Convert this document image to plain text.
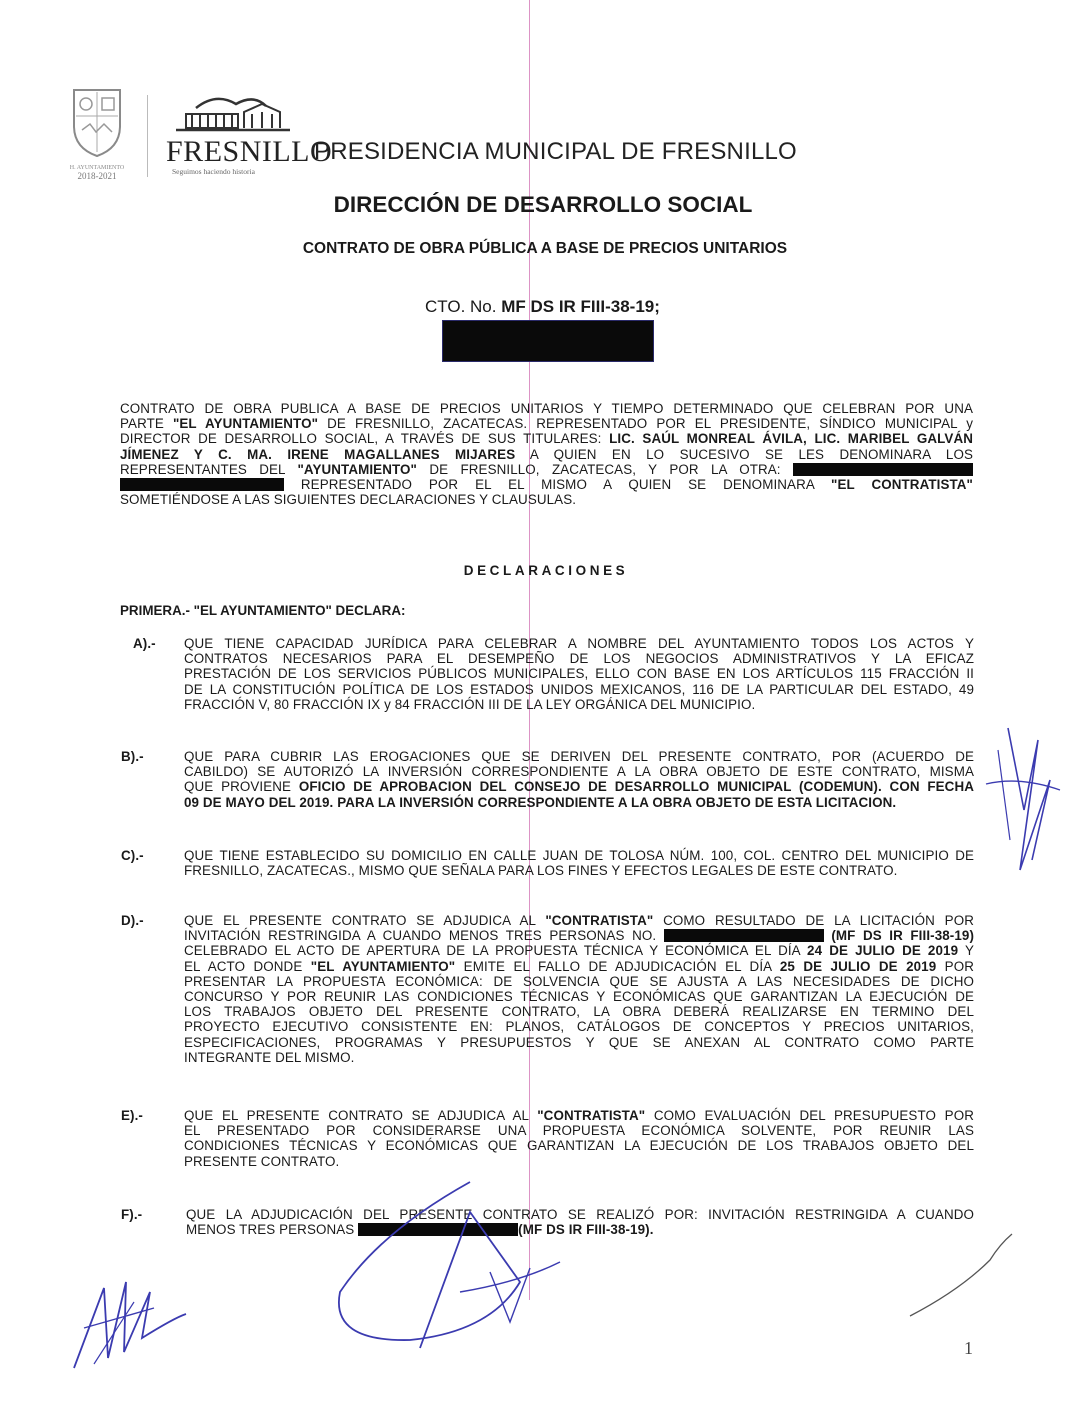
H. AYUNTAMIENTO
2018-2021
FRESNILLO
Seguimos haciendo historia
PRESIDENCIA MUNICIPAL DE FRESNILLO
DIRECCIÓN DE DESARROLLO SOCIAL
CONTRATO DE OBRA PÚBLICA A BASE DE PRECIOS UNITARIOS
CTO. No. MF DS IR FIII-38-19;
CONTRATO DE OBRA PUBLICA A BASE DE PRECIOS UNITARIOS Y TIEMPO DETERMINADO QUE CELEBRAN POR UNA
PARTE "EL AYUNTAMIENTO" DE FRESNILLO, ZACATECAS. REPRESENTADO POR EL PRESIDENTE, SÍNDICO MUNICIPAL y
DIRECTOR DE DESARROLLO SOCIAL, A TRAVÉS DE SUS TITULARES: LIC. SAÚL MONREAL ÁVILA, LIC. MARIBEL GALVÁN
JÍMENEZ Y C. MA. IRENE MAGALLANES MIJARES A QUIEN EN LO SUCESIVO SE LES DENOMINARA LOS
REPRESENTANTES DEL "AYUNTAMIENTO" DE FRESNILLO, ZACATECAS, Y POR LA OTRA:
REPRESENTADO POR EL EL MISMO A QUIEN SE DENOMINARA "EL CONTRATISTA"
SOMETIÉNDOSE A LAS SIGUIENTES DECLARACIONES Y CLAUSULAS.
DECLARACIONES
PRIMERA.- "EL AYUNTAMIENTO" DECLARA:
A).- QUE TIENE CAPACIDAD JURÍDICA PARA CELEBRAR A NOMBRE DEL AYUNTAMIENTO TODOS LOS ACTOS Y
CONTRATOS NECESARIOS PARA EL DESEMPEÑO DE LOS NEGOCIOS ADMINISTRATIVOS Y LA EFICAZ
PRESTACIÓN DE LOS SERVICIOS PÚBLICOS MUNICIPALES, ELLO CON BASE EN LOS ARTÍCULOS 115 FRACCIÓN II
DE LA CONSTITUCIÓN POLÍTICA DE LOS ESTADOS UNIDOS MEXICANOS, 116 DE LA PARTICULAR DEL ESTADO, 49
FRACCIÓN V, 80 FRACCIÓN IX y 84 FRACCIÓN III DE LA LEY ORGÁNICA DEL MUNICIPIO.
B).-	QUE PARA CUBRIR LAS EROGACIONES QUE SE DERIVEN DEL PRESENTE CONTRATO, POR (ACUERDO DE
CABILDO) SE AUTORIZÓ LA INVERSIÓN CORRESPONDIENTE A LA OBRA OBJETO DE ESTE CONTRATO, MISMA
QUE PROVIENE OFICIO DE APROBACION DEL CONSEJO DE DESARROLLO MUNICIPAL (CODEMUN). CON FECHA
09 DE MAYO DEL 2019. PARA LA INVERSIÓN CORRESPONDIENTE A LA OBRA OBJETO DE ESTA LICITACION.
C).-	QUE TIENE ESTABLECIDO SU DOMICILIO EN CALLE JUAN DE TOLOSA NÚM. 100, COL. CENTRO DEL MUNICIPIO DE
FRESNILLO, ZACATECAS., MISMO QUE SEÑALA PARA LOS FINES Y EFECTOS LEGALES DE ESTE CONTRATO.
D).-	QUE EL PRESENTE CONTRATO SE ADJUDICA AL "CONTRATISTA" COMO RESULTADO DE LA LICITACIÓN POR
INVITACIÓN RESTRINGIDA A CUANDO MENOS TRES PERSONAS NO.	(MF DS IR FIII-38-19)
CELEBRADO EL ACTO DE APERTURA DE LA PROPUESTA TÉCNICA Y ECONÓMICA EL DÍA 24 DE JULIO DE 2019 Y
EL ACTO DONDE "EL AYUNTAMIENTO" EMITE EL FALLO DE ADJUDICACIÓN EL DÍA 25 DE JULIO DE 2019 POR
PRESENTAR LA PROPUESTA ECONÓMICA: DE SOLVENCIA QUE SE AJUSTA A LAS NECESIDADES DE DICHO
CONCURSO Y POR REUNIR LAS CONDICIONES TÉCNICAS Y ECONÓMICAS QUE GARANTIZAN LA EJECUCIÓN DE
LOS TRABAJOS OBJETO DEL PRESENTE CONTRATO, LA OBRA DEBERÁ REALIZARSE EN TERMINO DEL
PROYECTO EJECUTIVO CONSISTENTE EN: PLANOS, CATÁLOGOS DE CONCEPTOS Y PRECIOS UNITARIOS,
ESPECIFICACIONES, PROGRAMAS Y PRESUPUESTOS Y QUE SE ANEXAN AL CONTRATO COMO PARTE
INTEGRANTE DEL MISMO.
E).-	QUE EL PRESENTE CONTRATO SE ADJUDICA AL "CONTRATISTA" COMO EVALUACIÓN DEL PRESUPUESTO POR
EL PRESENTADO POR CONSIDERARSE UNA PROPUESTA ECONÓMICA SOLVENTE, POR REUNIR LAS
CONDICIONES TÉCNICAS Y ECONÓMICAS QUE GARANTIZAN LA EJECUCIÓN DE LOS TRABAJOS OBJETO DEL
PRESENTE CONTRATO.
F).-	QUE LA ADJUDICACIÓN DEL PRESENTE CONTRATO SE REALIZÓ POR: INVITACIÓN RESTRINGIDA A CUANDO
MENOS TRES PERSONAS	(MF DS IR FIII-38-19).
1
